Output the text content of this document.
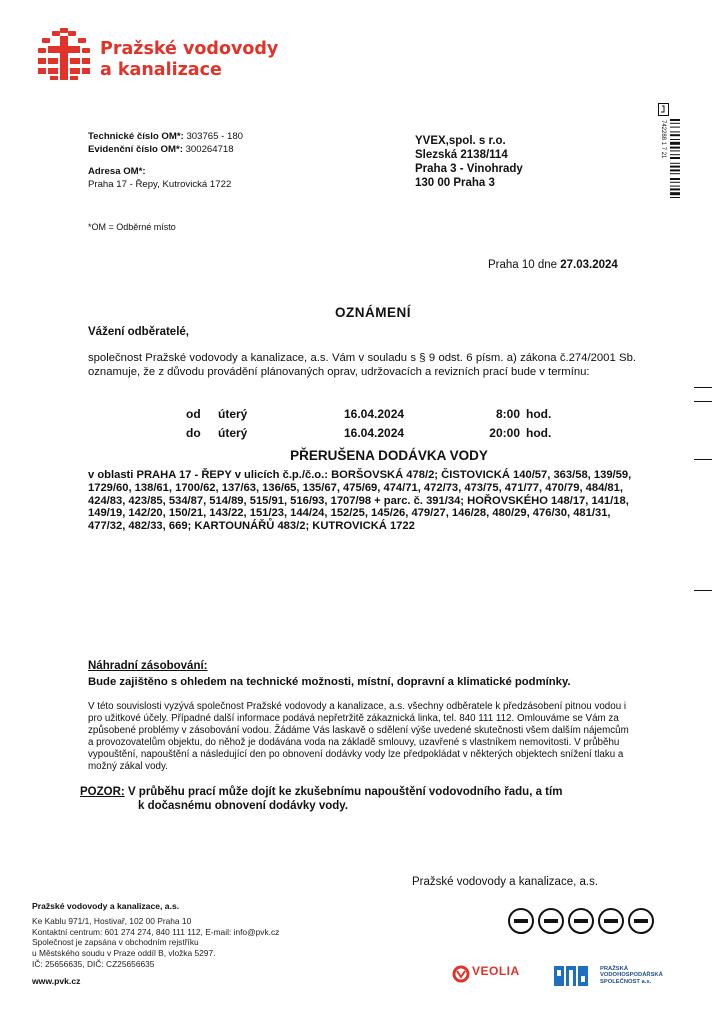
Pražské vodovody
a kanalizace
Technické číslo OM*: 303765 - 180
Evidenční číslo OM*: 300264718
Adresa OM*:
Praha 17 - Řepy, Kutrovická 1722
*OM = Odběrné místo
YVEX,spol. s r.o.
Slezská 2138/114
Praha 3 - Vinohrady
130 00 Praha 3
742288 1 7 21
Praha 10 dne 27.03.2024
OZNÁMENÍ
Vážení odběratelé,
společnost Pražské vodovody a kanalizace, a.s. Vám v souladu s § 9 odst. 6 písm. a) zákona č.274/2001 Sb. oznamuje, že z důvodu provádění plánovaných oprav, udržovacích a revizních prací bude v termínu:
od	úterý	16.04.2024	8:00 hod.
do	úterý	16.04.2024	20:00 hod.
PŘERUŠENA DODÁVKA VODY
v oblasti PRAHA 17 - ŘEPY v ulicích č.p./č.o.: BORŠOVSKÁ 478/2; ČISTOVICKÁ 140/57, 363/58, 139/59, 1729/60, 138/61, 1700/62, 137/63, 136/65, 135/67, 475/69, 474/71, 472/73, 473/75, 471/77, 470/79, 484/81, 424/83, 423/85, 534/87, 514/89, 515/91, 516/93, 1707/98 + parc. č. 391/34; HOŘOVSKÉHO 148/17, 141/18, 149/19, 142/20, 150/21, 143/22, 151/23, 144/24, 152/25, 145/26, 479/27, 146/28, 480/29, 476/30, 481/31, 477/32, 482/33, 669; KARTOUNÁŘŮ 483/2; KUTROVICKÁ 1722
Náhradní zásobování:
Bude zajištěno s ohledem na technické možnosti, místní, dopravní a klimatické podmínky.
V této souvislosti vyzývá společnost Pražské vodovody a kanalizace, a.s. všechny odběratele k předzásobení pitnou vodou i pro užitkové účely. Případné další informace podává nepřetržitě zákaznická linka, tel. 840 111 112. Omlouváme se Vám za způsobené problémy v zásobování vodou. Žádáme Vás laskavě o sdělení výše uvedené skutečnosti všem dalším nájemcům a provozovatelům objektu, do něhož je dodávána voda na základě smlouvy, uzavřené s vlastníkem nemovitosti. V průběhu vypouštění, napouštění a následující den po obnovení dodávky vody lze předpokládat v některých objektech snížení tlaku a možný zákal vody.
POZOR: V průběhu prací může dojít ke zkušebnímu napouštění vodovodního řadu, a tím
k dočasnému obnovení dodávky vody.
Pražské vodovody a kanalizace, a.s.
Pražské vodovody a kanalizace, a.s.
Ke Kablu 971/1, Hostivař, 102 00 Praha 10
Kontaktní centrum: 601 274 274, 840 111 112, E-mail: info@pvk.cz
Společnost je zapsána v obchodním rejstříku
u Městského soudu v Praze oddíl B, vložka 5297.
IČ: 25656635, DIČ: CZ25656635
www.pvk.cz
VEOLIA	PRAŽSKÁ
VODOHOSPODÁŘSKÁ
SPOLEČNOST a.s.
